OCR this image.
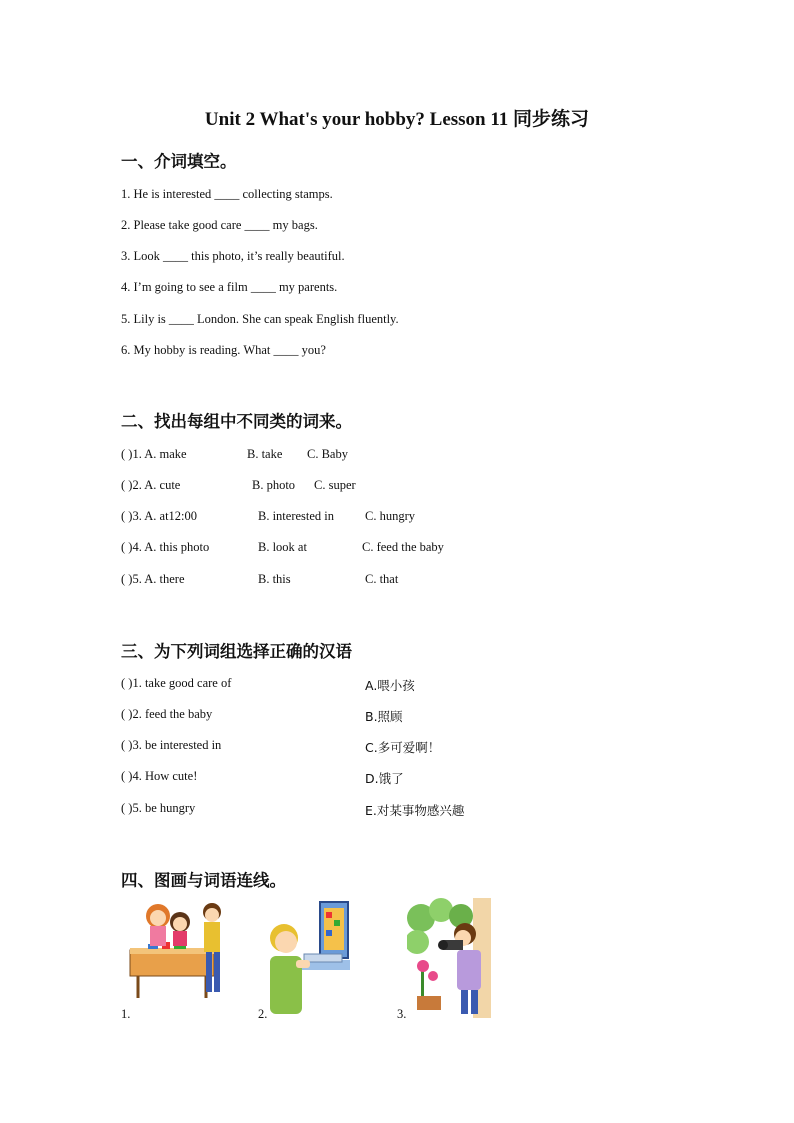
Unit 2 What's your hobby? Lesson 11 同步练习
一、介词填空。
1. He is interested ____ collecting stamps.
2. Please take good care ____ my bags.
3. Look ____ this photo, it’s really beautiful.
4. I’m going to see a film ____ my parents.
5. Lily is ____ London. She can speak English fluently.
6. My hobby is reading. What ____ you?
二、找出每组中不同类的词来。
( )1. A. make	B. take C. Baby
( )2. A. cute	B. photo C. super
( )3. A. at12:00	B. interested in C. hungry
( )4. A. this photo	B. look at	C. feed the baby
( )5. A. there	B. this	C. that
三、为下列词组选择正确的汉语
( )1. take good care of	A.喂小孩
( )2. feed the baby	B.照顾
( )3. be interested in	C.多可爱啊！
( )4. How cute!	D.饿了
( )5. be hungry	E.对某事物感兴趣
四、图画与词语连线。
1.	2.	3.
